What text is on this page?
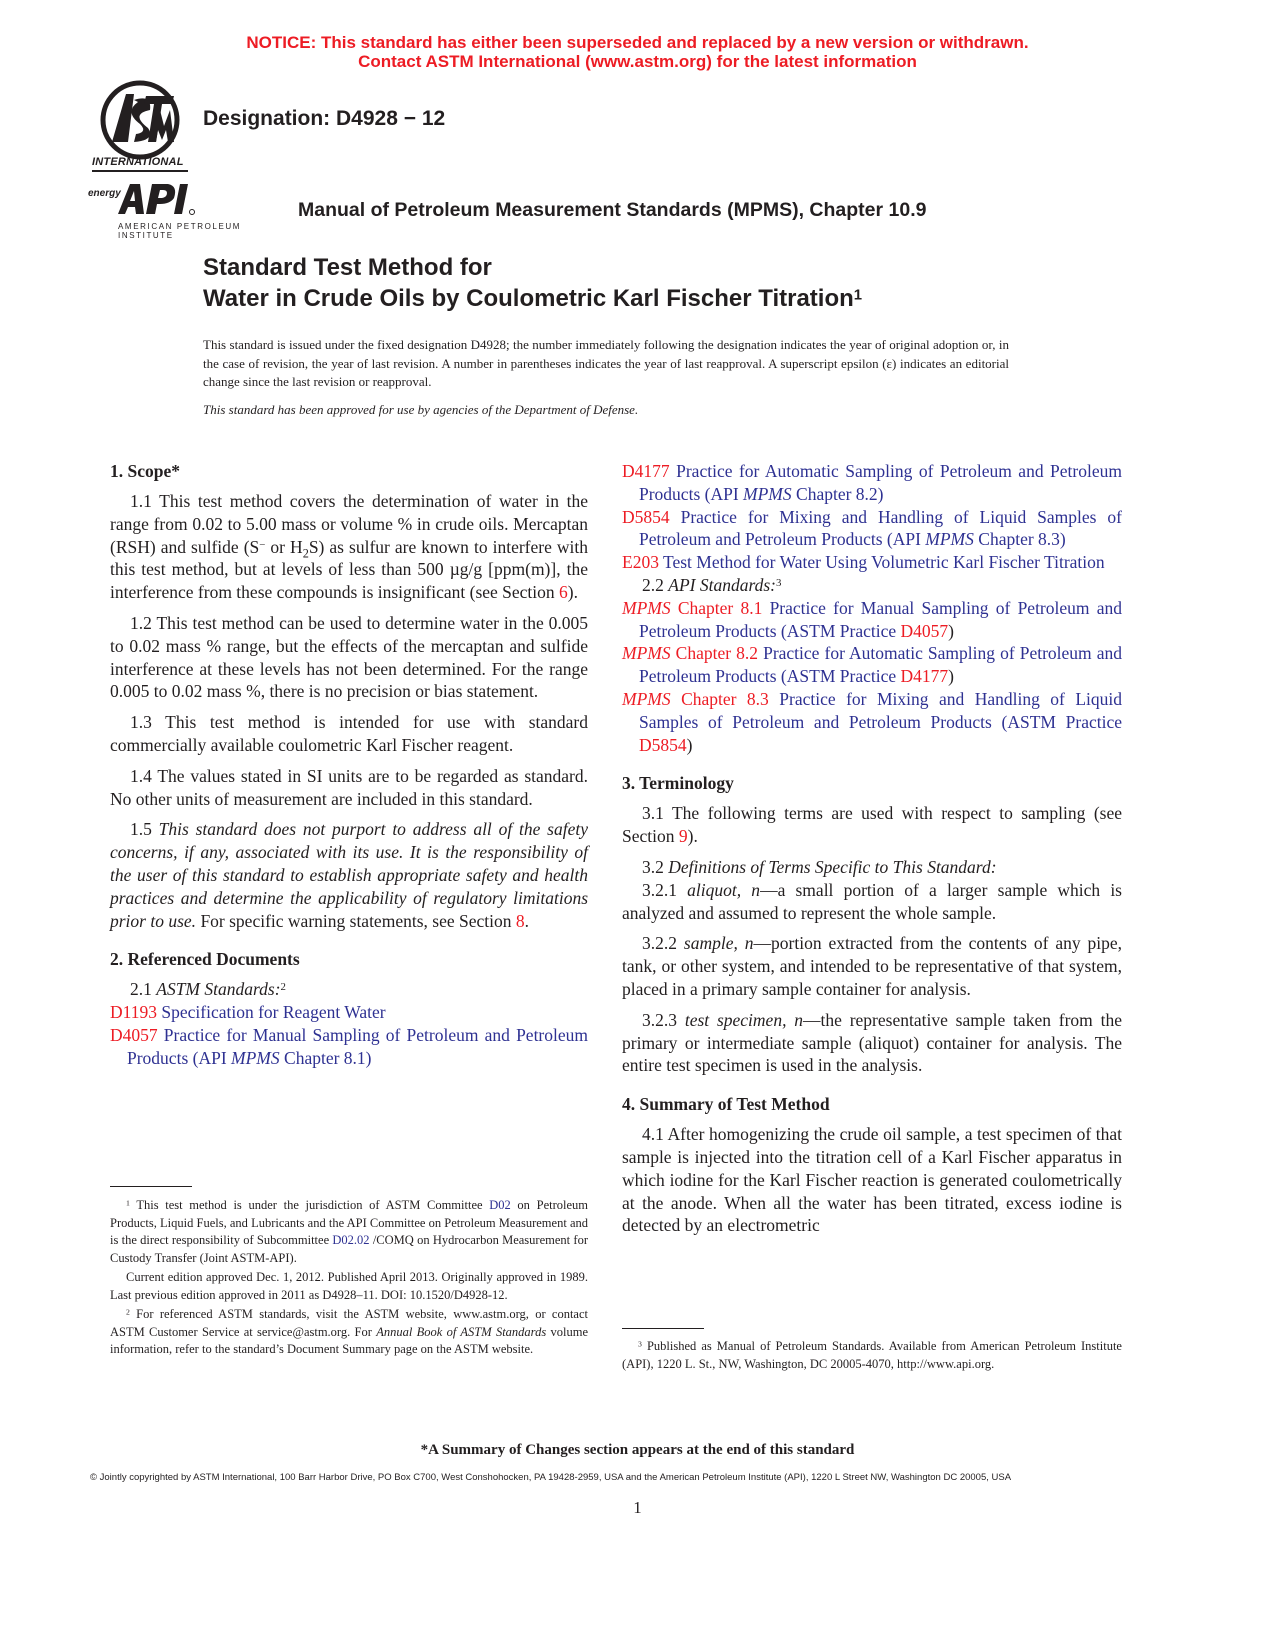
NOTICE: This standard has either been superseded and replaced by a new version or withdrawn.
Contact ASTM International (www.astm.org) for the latest information
INTERNATIONAL
energy
AMERICAN PETROLEUM INSTITUTE
Designation: D4928 − 12
Manual of Petroleum Measurement Standards (MPMS), Chapter 10.9
Standard Test Method for
Water in Crude Oils by Coulometric Karl Fischer Titration$^1$
This standard is issued under the fixed designation D4928; the number immediately following the designation indicates the year of original adoption or, in the case of revision, the year of last revision. A number in parentheses indicates the year of last reapproval. A superscript epsilon (ε) indicates an editorial change since the last revision or reapproval.
This standard has been approved for use by agencies of the Department of Defense.
1. Scope*

1.1 This test method covers the determination of water in the range from 0.02 to 5.00 mass or volume % in crude oils. Mercaptan (RSH) and sulfide (S− or $H_2S$) as sulfur are known to interfere with this test method, but at levels of less than 500 µg/g [ppm(m)], the interference from these compounds is insignificant (see Section 6).

1.2 This test method can be used to determine water in the 0.005 to 0.02 mass % range, but the effects of the mercaptan and sulfide interference at these levels has not been determined. For the range 0.005 to 0.02 mass %, there is no precision or bias statement.

1.3 This test method is intended for use with standard commercially available coulometric Karl Fischer reagent.

1.4 The values stated in SI units are to be regarded as standard. No other units of measurement are included in this standard.

1.5 This standard does not purport to address all of the safety concerns, if any, associated with its use. It is the responsibility of the user of this standard to establish appropriate safety and health practices and determine the applicability of regulatory limitations prior to use. For specific warning statements, see Section 8.

2. Referenced Documents

2.1 ASTM Standards:$^2$

D1193 Specification for Reagent Water
D4057 Practice for Manual Sampling of Petroleum and Petroleum Products (API MPMS Chapter 8.1)
$^1$ This test method is under the jurisdiction of ASTM Committee D02 on Petroleum Products, Liquid Fuels, and Lubricants and the API Committee on Petroleum Measurement and is the direct responsibility of Subcommittee D02.02 /COMQ on Hydrocarbon Measurement for Custody Transfer (Joint ASTM-API).
Current edition approved Dec. 1, 2012. Published April 2013. Originally approved in 1989. Last previous edition approved in 2011 as D4928–11. DOI: 10.1520/D4928-12.
$^2$ For referenced ASTM standards, visit the ASTM website, www.astm.org, or contact ASTM Customer Service at service@astm.org. For Annual Book of ASTM Standards volume information, refer to the standard’s Document Summary page on the ASTM website.
D4177 Practice for Automatic Sampling of Petroleum and Petroleum Products (API MPMS Chapter 8.2)
D5854 Practice for Mixing and Handling of Liquid Samples of Petroleum and Petroleum Products (API MPMS Chapter 8.3)
E203 Test Method for Water Using Volumetric Karl Fischer Titration

2.2 API Standards:$^3$

MPMS Chapter 8.1 Practice for Manual Sampling of Petroleum and Petroleum Products (ASTM Practice D4057)
MPMS Chapter 8.2 Practice for Automatic Sampling of Petroleum and Petroleum Products (ASTM Practice D4177)
MPMS Chapter 8.3 Practice for Mixing and Handling of Liquid Samples of Petroleum and Petroleum Products (ASTM Practice D5854)
3. Terminology

3.1 The following terms are used with respect to sampling (see Section 9).

3.2 Definitions of Terms Specific to This Standard:

3.2.1 aliquot, n—a small portion of a larger sample which is analyzed and assumed to represent the whole sample.

3.2.2 sample, n—portion extracted from the contents of any pipe, tank, or other system, and intended to be representative of that system, placed in a primary sample container for analysis.

3.2.3 test specimen, n—the representative sample taken from the primary or intermediate sample (aliquot) container for analysis. The entire test specimen is used in the analysis.

4. Summary of Test Method

4.1 After homogenizing the crude oil sample, a test specimen of that sample is injected into the titration cell of a Karl Fischer apparatus in which iodine for the Karl Fischer reaction is generated coulometrically at the anode. When all the water has been titrated, excess iodine is detected by an electrometric

$^3$ Published as Manual of Petroleum Standards. Available from American Petroleum Institute (API), 1220 L. St., NW, Washington, DC 20005-4070, http://www.api.org.
*A Summary of Changes section appears at the end of this standard
© Jointly copyrighted by ASTM International, 100 Barr Harbor Drive, PO Box C700, West Conshohocken, PA 19428-2959, USA and the American Petroleum Institute (API), 1220 L Street NW, Washington DC 20005, USA
1
